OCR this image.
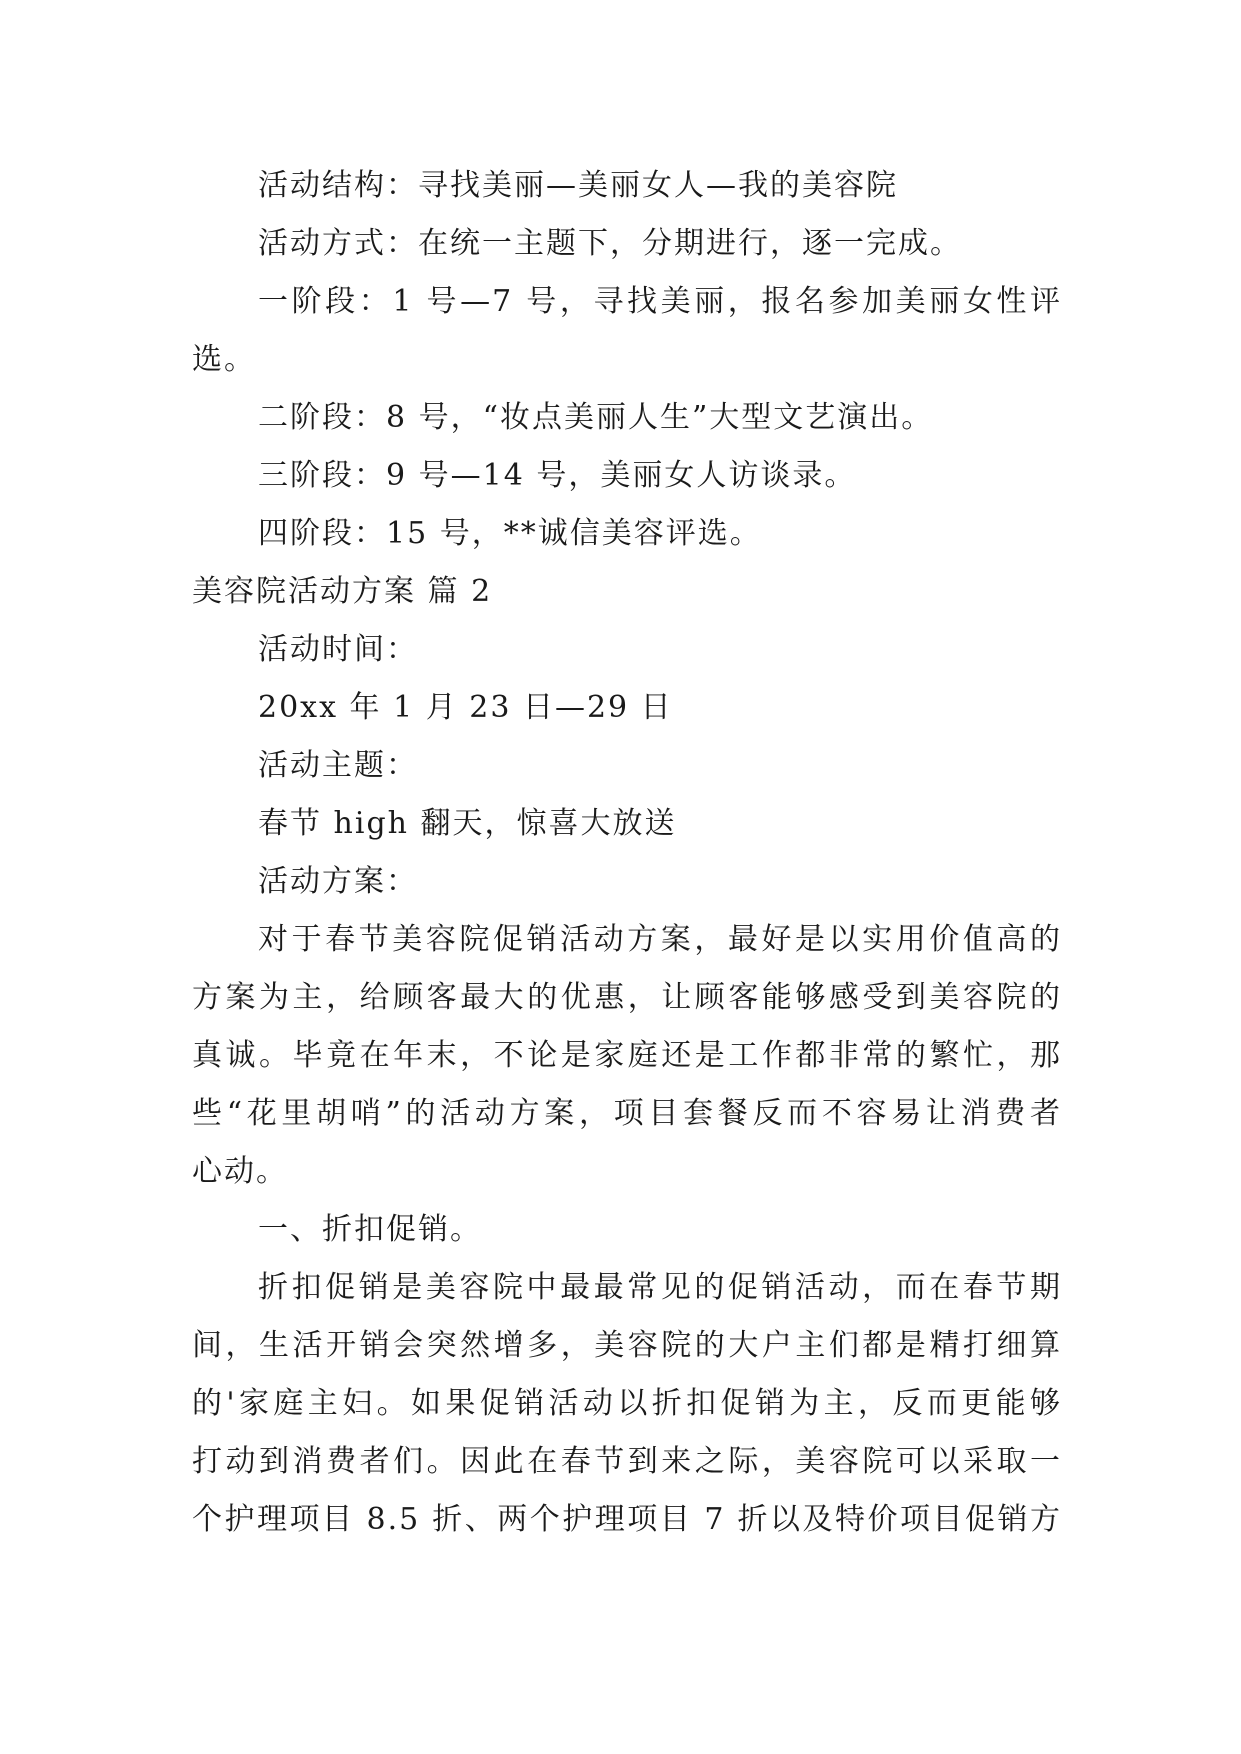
活动结构：寻找美丽—美丽女人—我的美容院
活动方式：在统一主题下，分期进行，逐一完成。
一阶段：1 号—7 号，寻找美丽，报名参加美丽女性评
选。
二阶段：8 号，“妆点美丽人生”大型文艺演出。
三阶段：9 号—14 号，美丽女人访谈录。
四阶段：15 号，**诚信美容评选。
美容院活动方案 篇 2
活动时间：
20xx 年 1 月 23 日—29 日
活动主题：
春节 high 翻天，惊喜大放送
活动方案：
对于春节美容院促销活动方案，最好是以实用价值高的
方案为主，给顾客最大的优惠，让顾客能够感受到美容院的
真诚。毕竟在年末，不论是家庭还是工作都非常的繁忙，那
些“花里胡哨”的活动方案，项目套餐反而不容易让消费者
心动。
一、折扣促销。
折扣促销是美容院中最最常见的促销活动，而在春节期
间，生活开销会突然增多，美容院的大户主们都是精打细算
的'家庭主妇。如果促销活动以折扣促销为主，反而更能够
打动到消费者们。因此在春节到来之际，美容院可以采取一
个护理项目 8.5 折、两个护理项目 7 折以及特价项目促销方
